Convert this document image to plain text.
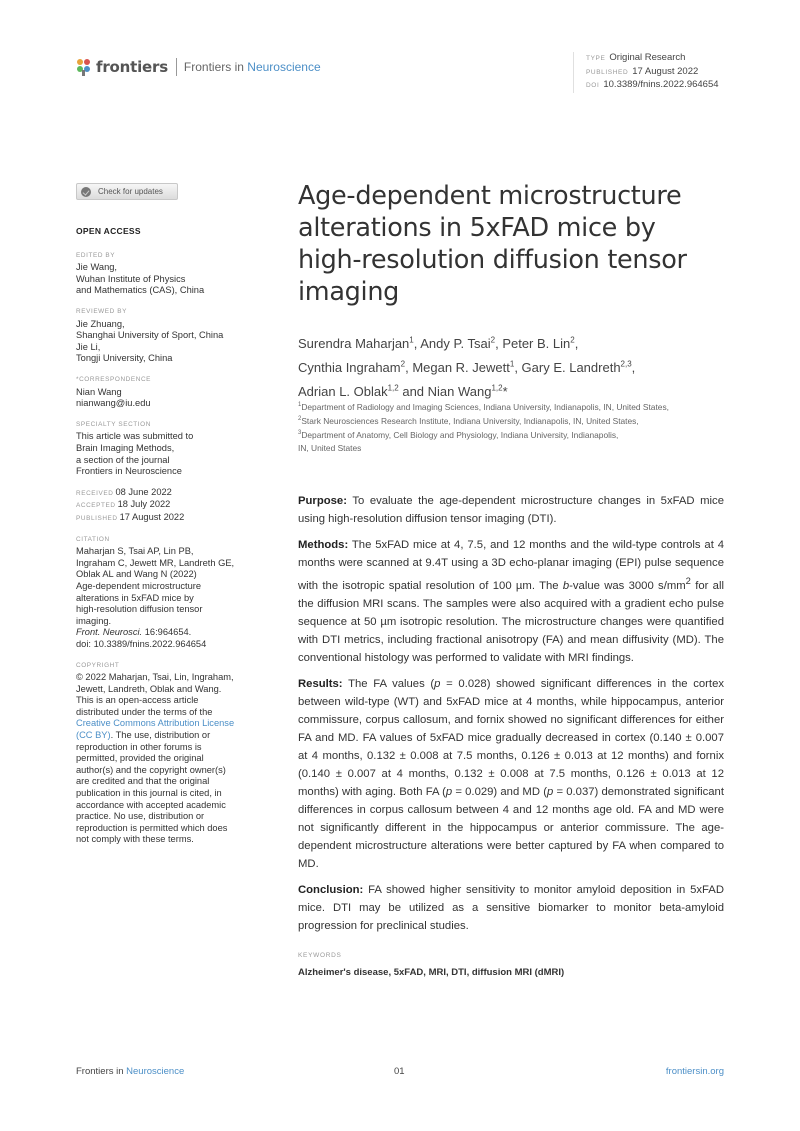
frontiers Frontiers in Neuroscience
TYPE Original Research
PUBLISHED 17 August 2022
DOI 10.3389/fnins.2022.964654
Check for updates
OPEN ACCESS
EDITED BY
Jie Wang,
Wuhan Institute of Physics
and Mathematics (CAS), China
REVIEWED BY
Jie Zhuang,
Shanghai University of Sport, China
Jie Li,
Tongji University, China
*CORRESPONDENCE
Nian Wang
nianwang@iu.edu
SPECIALTY SECTION
This article was submitted to
Brain Imaging Methods,
a section of the journal
Frontiers in Neuroscience
RECEIVED 08 June 2022
ACCEPTED 18 July 2022
PUBLISHED 17 August 2022
CITATION
Maharjan S, Tsai AP, Lin PB,
Ingraham C, Jewett MR, Landreth GE,
Oblak AL and Wang N (2022)
Age-dependent microstructure
alterations in 5xFAD mice by
high-resolution diffusion tensor
imaging.
Front. Neurosci. 16:964654.
doi: 10.3389/fnins.2022.964654
COPYRIGHT
© 2022 Maharjan, Tsai, Lin, Ingraham,
Jewett, Landreth, Oblak and Wang.
This is an open-access article
distributed under the terms of the
Creative Commons Attribution License
(CC BY). The use, distribution or
reproduction in other forums is
permitted, provided the original
author(s) and the copyright owner(s)
are credited and that the original
publication in this journal is cited, in
accordance with accepted academic
practice. No use, distribution or
reproduction is permitted which does
not comply with these terms.
Age-dependent microstructure alterations in 5xFAD mice by high-resolution diffusion tensor imaging
Surendra Maharjan$^1$, Andy P. Tsai$^2$, Peter B. Lin$^2$,
Cynthia Ingraham$^2$, Megan R. Jewett$^1$, Gary E. Landreth$^{2,3}$,
Adrian L. Oblak$^{1,2}$ and Nian Wang$^{1,2}$*
$^1$Department of Radiology and Imaging Sciences, Indiana University, Indianapolis, IN, United States,
$^2$Stark Neurosciences Research Institute, Indiana University, Indianapolis, IN, United States,
$^3$Department of Anatomy, Cell Biology and Physiology, Indiana University, Indianapolis,
IN, United States

Purpose: To evaluate the age-dependent microstructure changes in 5xFAD mice using high-resolution diffusion tensor imaging (DTI).

Methods: The 5xFAD mice at 4, 7.5, and 12 months and the wild-type controls at 4 months were scanned at 9.4T using a 3D echo-planar imaging (EPI) pulse sequence with the isotropic spatial resolution of 100 µm. The b-value was 3000 $s/mm^2$ for all the diffusion MRI scans. The samples were also acquired with a gradient echo pulse sequence at 50 µm isotropic resolution. The microstructure changes were quantified with DTI metrics, including fractional anisotropy (FA) and mean diffusivity (MD). The conventional histology was performed to validate with MRI findings.

Results: The FA values (p = 0.028) showed significant differences in the cortex between wild-type (WT) and 5xFAD mice at 4 months, while hippocampus, anterior commissure, corpus callosum, and fornix showed no significant differences for either FA and MD. FA values of 5xFAD mice gradually decreased in cortex (0.140 ± 0.007 at 4 months, 0.132 ± 0.008 at 7.5 months, 0.126 ± 0.013 at 12 months) and fornix (0.140 ± 0.007 at 4 months, 0.132 ± 0.008 at 7.5 months, 0.126 ± 0.013 at 12 months) with aging. Both FA (p = 0.029) and MD (p = 0.037) demonstrated significant differences in corpus callosum between 4 and 12 months age old. FA and MD were not significantly different in the hippocampus or anterior commissure. The age-dependent microstructure alterations were better captured by FA when compared to MD.

Conclusion: FA showed higher sensitivity to monitor amyloid deposition in 5xFAD mice. DTI may be utilized as a sensitive biomarker to monitor beta-amyloid progression for preclinical studies.

KEYWORDS
Alzheimer's disease, 5xFAD, MRI, DTI, diffusion MRI (dMRI)
Frontiers in Neuroscience	01	frontiersin.org
